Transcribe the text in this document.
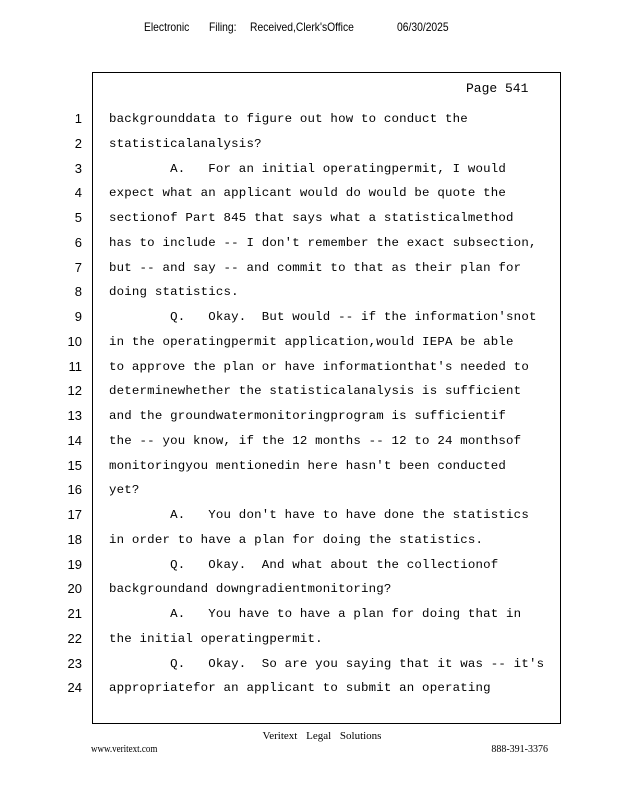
Electronic Filing: Received,Clerk'sOffice	06/30/2025
Page 541
1 backgrounddata to figure out how to conduct the
2 statisticalanalysis?
3 A.   For an initial operatingpermit, I would
4 expect what an applicant would do would be quote the
5 sectionof Part 845 that says what a statisticalmethod
6 has to include -- I don't remember the exact subsection,
7 but -- and say -- and commit to that as their plan for
8 doing statistics.
9 Q.   Okay.  But would -- if the information'snot
10 in the operatingpermit application,would IEPA be able
11 to approve the plan or have informationthat's needed to
12 determinewhether the statisticalanalysis is sufficient
13 and the groundwatermonitoringprogram is sufficientif
14 the -- you know, if the 12 months -- 12 to 24 monthsof
15 monitoringyou mentionedin here hasn't been conducted
16 yet?
17 A.   You don't have to have done the statistics
18 in order to have a plan for doing the statistics.
19 Q.   Okay.  And what about the collectionof
20 backgroundand downgradientmonitoring?
21 A.   You have to have a plan for doing that in
22 the initial operatingpermit.
23 Q.   Okay.  So are you saying that it was -- it's
24 appropriatefor an applicant to submit an operating
Veritext Legal Solutions
www.veritext.com	888-391-3376
